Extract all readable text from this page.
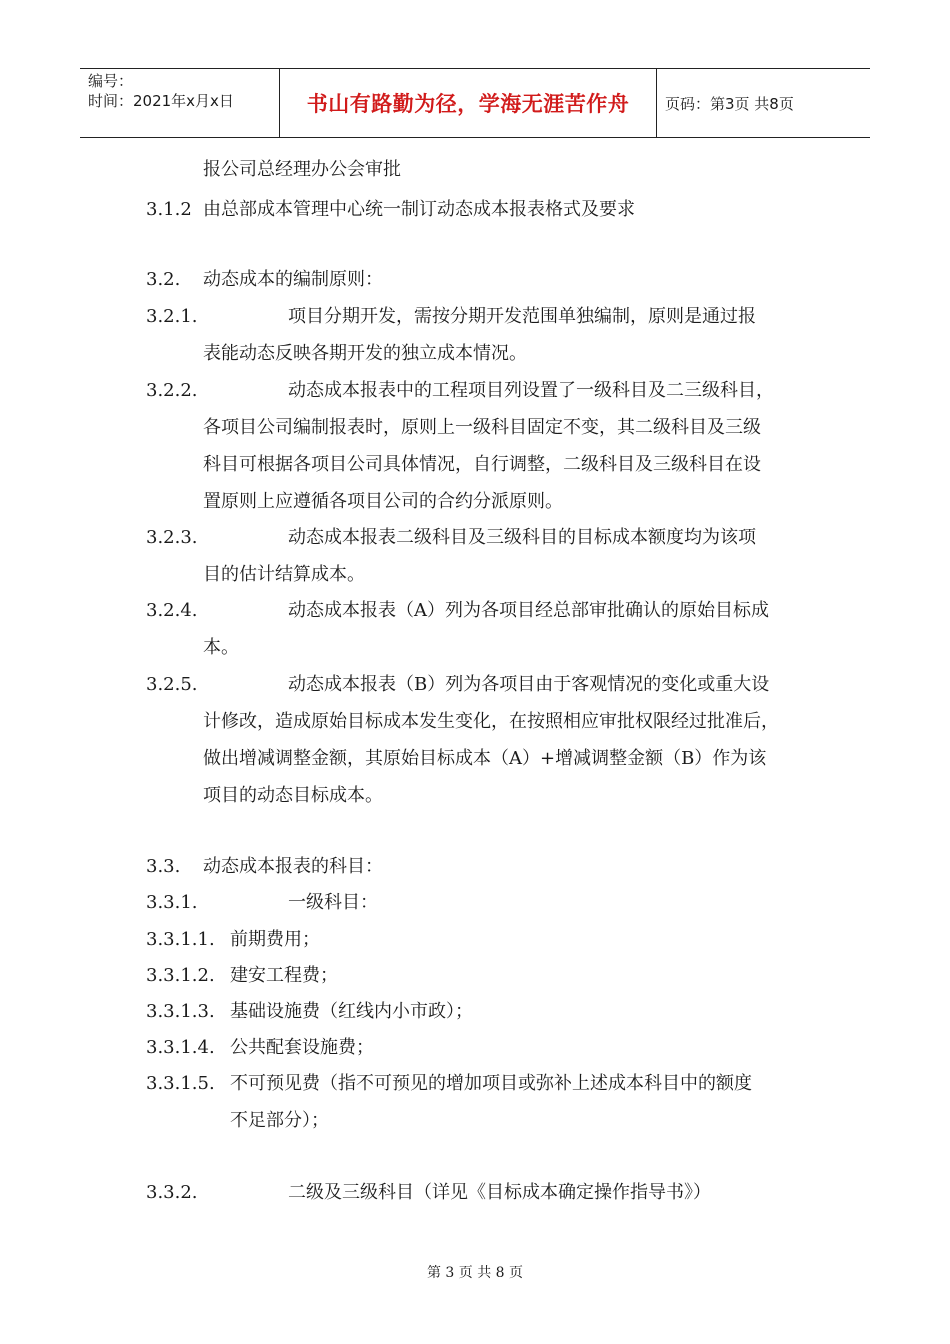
编号：
时间：2021年x月x日	书山有路勤为径，学海无涯苦作舟 页码：第3页 共8页
报公司总经理办公会审批
3.1.2 由总部成本管理中心统一制订动态成本报表格式及要求
3.2. 动态成本的编制原则：
3.2.1.	项目分期开发，需按分期开发范围单独编制，原则是通过报
表能动态反映各期开发的独立成本情况。
3.2.2.	动态成本报表中的工程项目列设置了一级科目及二三级科目，
各项目公司编制报表时，原则上一级科目固定不变，其二级科目及三级
科目可根据各项目公司具体情况，自行调整，二级科目及三级科目在设
置原则上应遵循各项目公司的合约分派原则。
3.2.3.	动态成本报表二级科目及三级科目的目标成本额度均为该项
目的估计结算成本。
3.2.4.	动态成本报表（A）列为各项目经总部审批确认的原始目标成
本。
3.2.5.	动态成本报表（B）列为各项目由于客观情况的变化或重大设
计修改，造成原始目标成本发生变化，在按照相应审批权限经过批准后，
做出增减调整金额，其原始目标成本（A）+增减调整金额（B）作为该
项目的动态目标成本。
3.3. 动态成本报表的科目：
3.3.1.	一级科目：
3.3.1.1. 前期费用；
3.3.1.2. 建安工程费；
3.3.1.3. 基础设施费（红线内小市政）；
3.3.1.4. 公共配套设施费；
3.3.1.5. 不可预见费（指不可预见的增加项目或弥补上述成本科目中的额度
不足部分）；
3.3.2.	二级及三级科目（详见《目标成本确定操作指导书》）
第 3 页 共 8 页
